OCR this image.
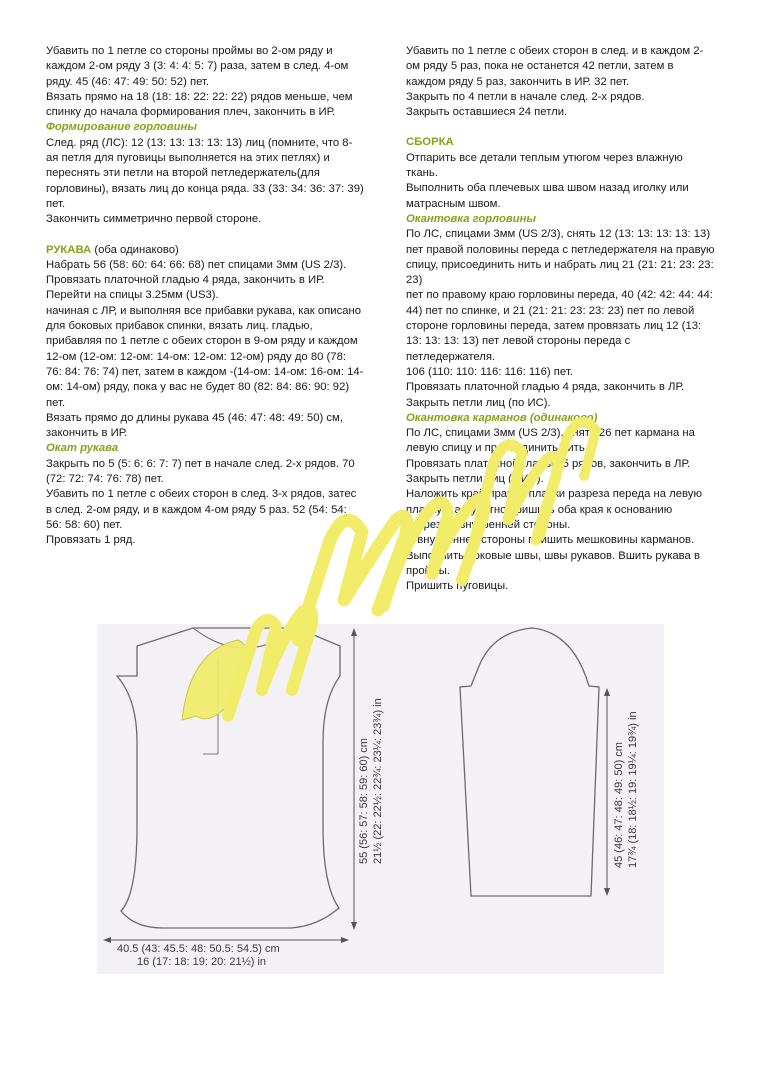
Убавить по 1 петле со стороны проймы во 2-ом ряду и каждом 2-ом ряду 3 (3: 4: 4: 5: 7) раза, затем в след. 4-ом ряду. 45 (46: 47: 49: 50: 52) пет.

Вязать прямо на 18 (18: 18: 22: 22: 22) рядов меньше, чем спинку до начала формирования плеч, закончить в ИР.

Формирование горловины

След. ряд (ЛС): 12 (13: 13: 13: 13: 13) лиц (помните, что 8-ая петля для пуговицы выполняется на этих петлях) и переснять эти петли на второй петледержатель(для горловины), вязать лиц до конца ряда. 33 (33: 34: 36: 37: 39) пет.

Закончить симметрично первой стороне.

РУКАВА (оба одинаково)

Набрать 56 (58: 60: 64: 66: 68) пет спицами 3мм (US 2/3). Провязать платочной гладью 4 ряда, закончить в ИР.

Перейти на спицы 3.25мм (US3).

начиная с ЛР, и выполняя все прибавки рукава, как описано для боковых прибавок спинки, вязать лиц. гладью, прибавляя по 1 петле с обеих сторон в 9-ом ряду и каждом 12-ом (12-ом: 12-ом: 14-ом: 12-ом: 12-ом) ряду до 80 (78: 76: 84: 76: 74) пет, затем в каждом -(14-ом: 14-ом: 16-ом: 14-ом: 14-ом) ряду, пока у вас не будет 80 (82: 84: 86: 90: 92) пет.

Вязать прямо до длины рукава 45 (46: 47: 48: 49: 50) см, закончить в ИР.

Окат рукава

Закрыть по 5 (5: 6: 6: 7: 7) пет в начале след. 2-х рядов. 70 (72: 72: 74: 76: 78) пет.

Убавить по 1 петле с обеих сторон в след. 3-х рядов, затес в след. 2-ом ряду, и в каждом 4-ом ряду 5 раз. 52 (54: 54: 56: 58: 60) пет.

Провязать 1 ряд.

Убавить по 1 петле с обеих сторон в след. и в каждом 2-ом ряду 5 раз, пока не останется 42 петли, затем в каждом ряду 5 раз, закончить в ИР. 32 пет.

Закрыть по 4 петли в начале след. 2-х рядов.

Закрыть оставшиеся 24 петли.

СБОРКА

Отпарить все детали теплым утюгом через влажную ткань.

Выполнить оба плечевых шва швом назад иголку или матрасным швом.

Окантовка горловины

По ЛС, спицами 3мм (US 2/3), снять 12 (13: 13: 13: 13: 13) пет правой половины переда с петледержателя на правую спицу, присоединить нить и набрать лиц 21 (21: 21: 23: 23: 23)

пет по правому краю горловины переда, 40 (42: 42: 44: 44: 44) пет по спинке, и 21 (21: 21: 23: 23: 23) пет по левой стороне горловины переда, затем провязать лиц 12 (13: 13: 13: 13: 13) пет левой стороны переда с петледержателя.

106 (110: 110: 116: 116: 116) пет.

Провязать платочной гладью 4 ряда, закончить в ЛР.

Закрыть петли лиц (по ИС).

Окантовка карманов (одинаково)

По ЛС, спицами 3мм (US 2/3), снять 26 пет кармана на левую спицу и присоединить нить.

Провязать платочной гладью 5 рядов, закончить в ЛР.

Закрыть петли лиц (в ИР).

Наложить край правой планки разреза переда на левую планку и аккуратно пришить оба края к основанию разреза с внутренней стороны.

С внутренней стороны пришить мешковины карманов.

Выполнить боковые швы, швы рукавов. Вшить рукава в проймы.

Пришить пуговицы.

55 (56: 57: 58: 59: 60) cm 21½ (22: 22½: 22¾: 23¼: 23¾) in
40.5 (43: 45.5: 48: 50.5: 54.5) cm
16 (17: 18: 19: 20: 21½) in
45 (46: 47: 48: 49: 50) cm 17¾ (18: 18½: 19: 19¼: 19¾) in
